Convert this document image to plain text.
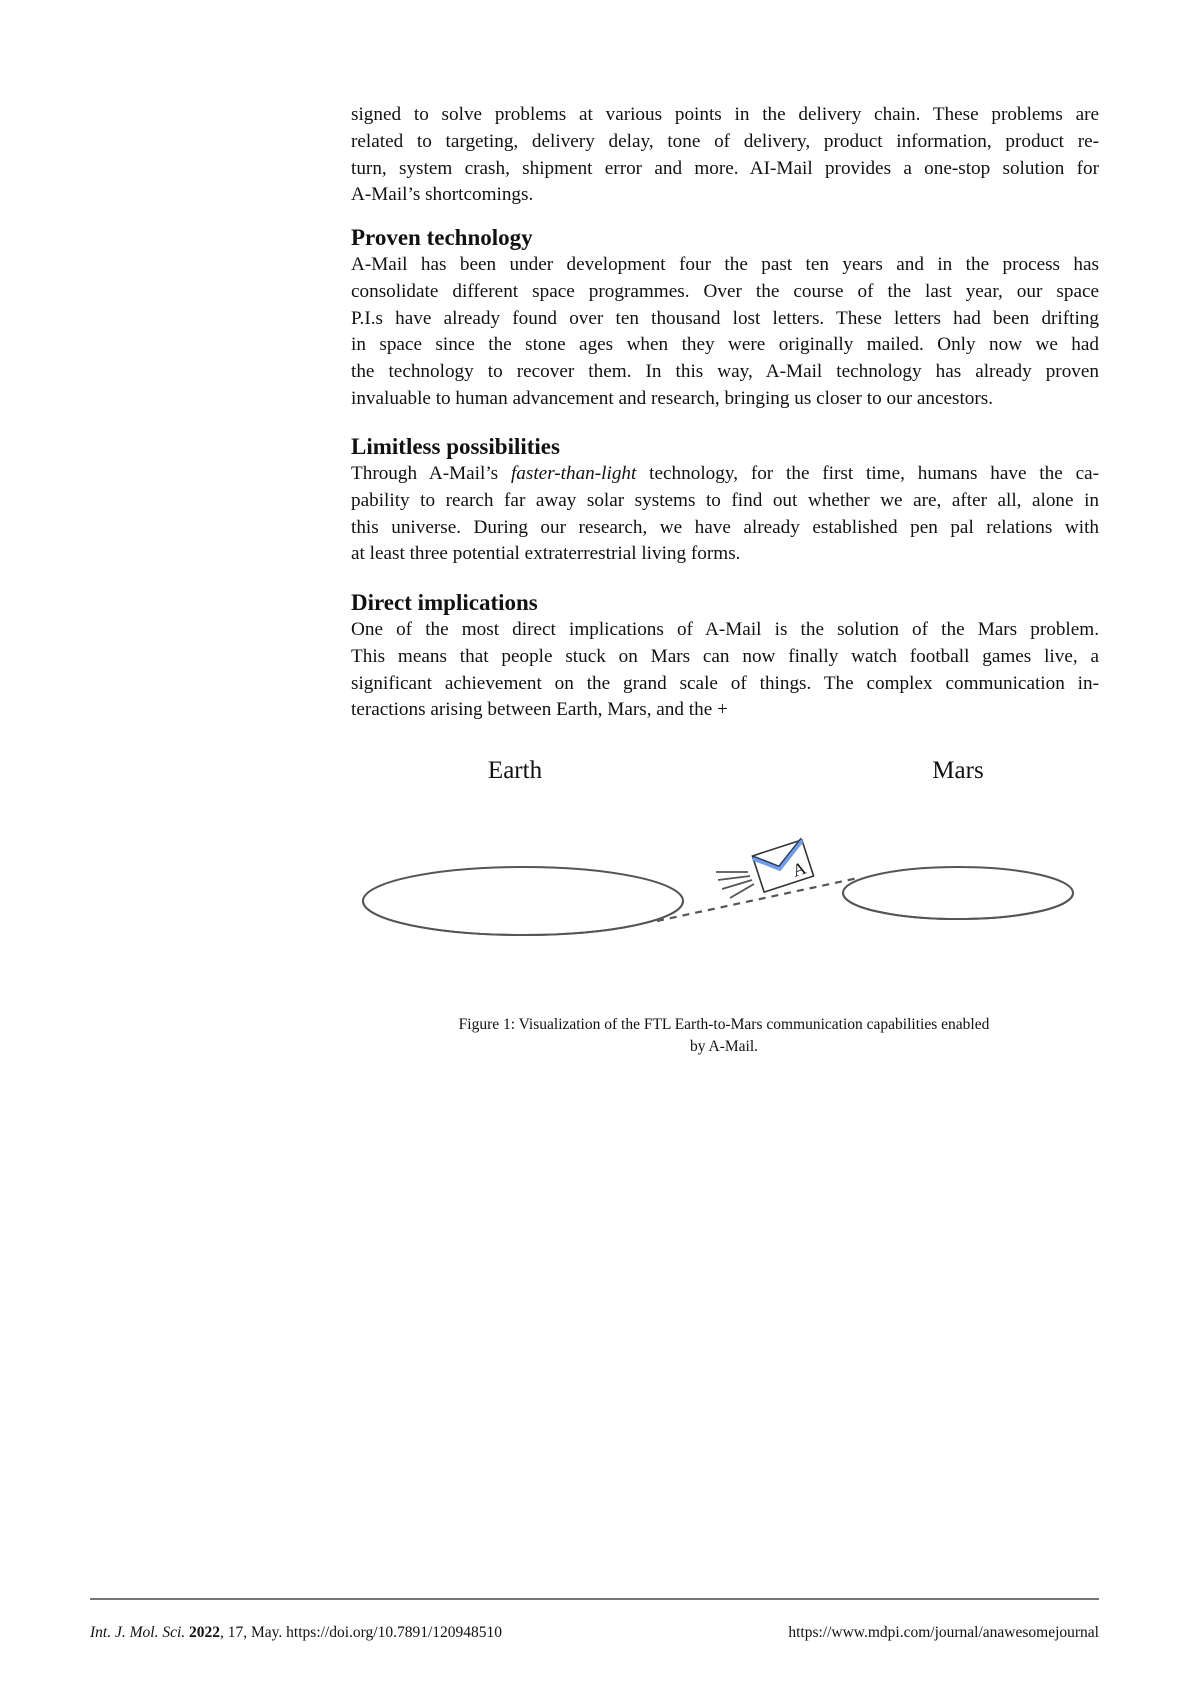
signed to solve problems at various points in the delivery chain. These problems are
related to targeting, delivery delay, tone of delivery, product information, product re-
turn, system crash, shipment error and more. AI-Mail provides a one-stop solution for
A-Mail’s shortcomings.
Proven technology
A-Mail has been under development four the past ten years and in the process has
consolidate different space programmes. Over the course of the last year, our space
P.I.s have already found over ten thousand lost letters. These letters had been drifting
in space since the stone ages when they were originally mailed. Only now we had
the technology to recover them. In this way, A-Mail technology has already proven
invaluable to human advancement and research, bringing us closer to our ancestors.
Limitless possibilities
Through A-Mail’s faster-than-light technology, for the first time, humans have the ca-
pability to rearch far away solar systems to find out whether we are, after all, alone in
this universe. During our research, we have already established pen pal relations with
at least three potential extraterrestrial living forms.
Direct implications
One of the most direct implications of A-Mail is the solution of the Mars problem.
This means that people stuck on Mars can now finally watch football games live, a
significant achievement on the grand scale of things. The complex communication in-
teractions arising between Earth, Mars, and the +
Earth	Mars
A
Figure 1: Visualization of the FTL Earth-to-Mars communication capabilities enabled
by A-Mail.
Int. J. Mol. Sci. 2022, 17, May. https://doi.org/10.7891/120948510	https://www.mdpi.com/journal/anawesomejournal
